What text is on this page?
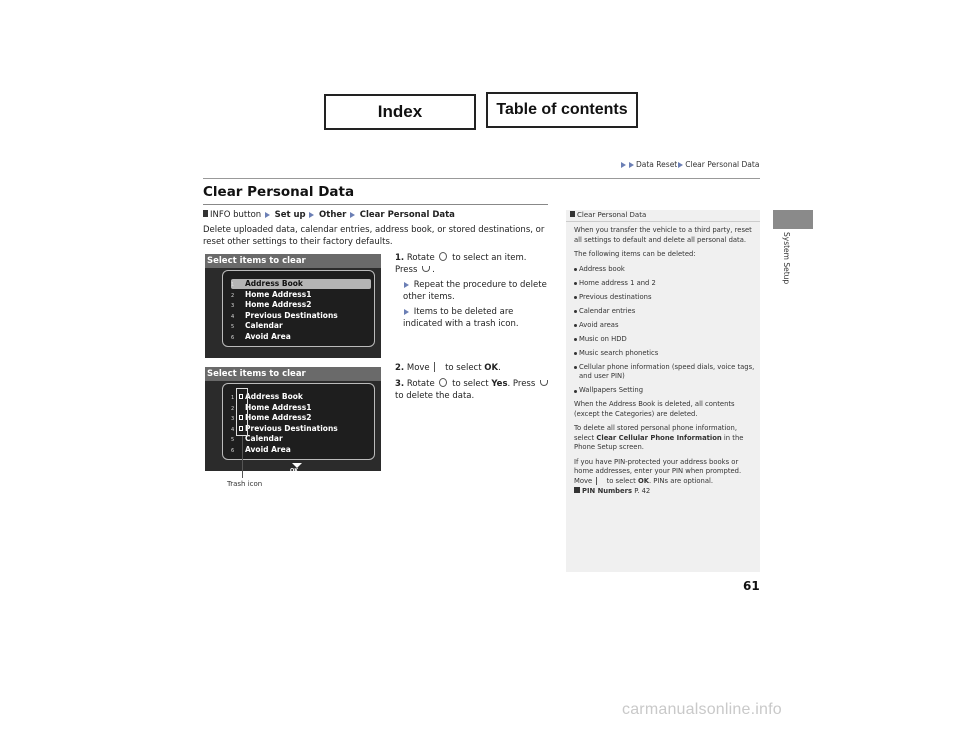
Index	Table of contents
Data Reset Clear Personal Data
System Setup
Clear Personal Data
INFO button Set up Other Clear Personal Data
Delete uploaded data, calendar entries, address book, or stored destinations, or reset other settings to their factory defaults.
Select items to clear
1 Address Book
2 Home Address1
3 Home Address2
4 Previous Destinations
5 Calendar
6 Avoid Area
Select items to clear
1 Address Book
2 Home Address1
3 Home Address2
4 Previous Destinations
5 Calendar
6 Avoid Area
OK
Trash icon
1. Rotate to select an item. Press .
Repeat the procedure to delete other items.
Items to be deleted are indicated with a trash icon.
2. Move to select OK.
3. Rotate to select Yes. Press  to delete the data.
Clear Personal Data

When you transfer the vehicle to a third party, reset all settings to default and delete all personal data.

The following items can be deleted:

Address book
Home address 1 and 2
Previous destinations
Calendar entries
Avoid areas
Music on HDD
Music search phonetics
Cellular phone information (speed dials, voice tags, and user PIN)
Wallpapers Setting

When the Address Book is deleted, all contents (except the Categories) are deleted.

To delete all stored personal phone information, select Clear Cellular Phone Information in the Phone Setup screen.

If you have PIN-protected your address books or home addresses, enter your PIN when prompted. Move to select OK. PINs are optional.

PIN Numbers P. 42

61
carmanualsonline.info
